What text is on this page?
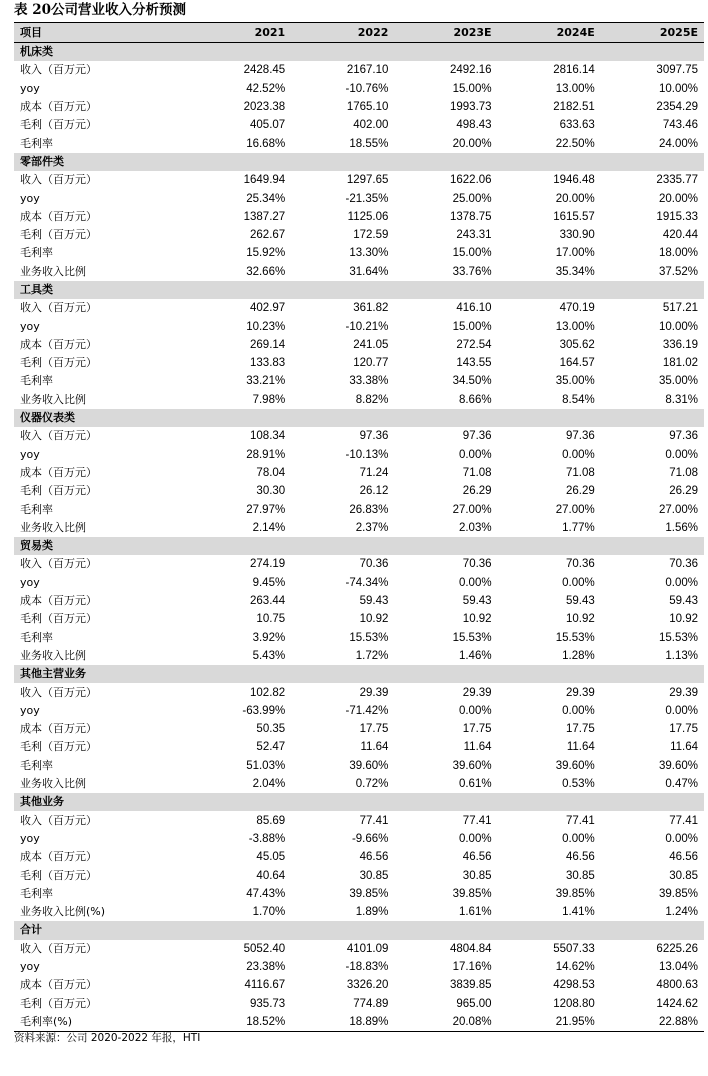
表 20公司营业收入分析预测
项目	2021	2022	2023E	2024E	2025E
机床类					
收入（百万元）	2428.45	2167.10	2492.16	2816.14	3097.75
yoy	42.52%	-10.76%	15.00%	13.00%	10.00%
成本（百万元）	2023.38	1765.10	1993.73	2182.51	2354.29
毛利（百万元）	405.07	402.00	498.43	633.63	743.46
毛利率	16.68%	18.55%	20.00%	22.50%	24.00%
零部件类					
收入（百万元）	1649.94	1297.65	1622.06	1946.48	2335.77
yoy	25.34%	-21.35%	25.00%	20.00%	20.00%
成本（百万元）	1387.27	1125.06	1378.75	1615.57	1915.33
毛利（百万元）	262.67	172.59	243.31	330.90	420.44
毛利率	15.92%	13.30%	15.00%	17.00%	18.00%
业务收入比例	32.66%	31.64%	33.76%	35.34%	37.52%
工具类					
收入（百万元）	402.97	361.82	416.10	470.19	517.21
yoy	10.23%	-10.21%	15.00%	13.00%	10.00%
成本（百万元）	269.14	241.05	272.54	305.62	336.19
毛利（百万元）	133.83	120.77	143.55	164.57	181.02
毛利率	33.21%	33.38%	34.50%	35.00%	35.00%
业务收入比例	7.98%	8.82%	8.66%	8.54%	8.31%
仪器仪表类					
收入（百万元）	108.34	97.36	97.36	97.36	97.36
yoy	28.91%	-10.13%	0.00%	0.00%	0.00%
成本（百万元）	78.04	71.24	71.08	71.08	71.08
毛利（百万元）	30.30	26.12	26.29	26.29	26.29
毛利率	27.97%	26.83%	27.00%	27.00%	27.00%
业务收入比例	2.14%	2.37%	2.03%	1.77%	1.56%
贸易类					
收入（百万元）	274.19	70.36	70.36	70.36	70.36
yoy	9.45%	-74.34%	0.00%	0.00%	0.00%
成本（百万元）	263.44	59.43	59.43	59.43	59.43
毛利（百万元）	10.75	10.92	10.92	10.92	10.92
毛利率	3.92%	15.53%	15.53%	15.53%	15.53%
业务收入比例	5.43%	1.72%	1.46%	1.28%	1.13%
其他主营业务					
收入（百万元）	102.82	29.39	29.39	29.39	29.39
yoy	-63.99%	-71.42%	0.00%	0.00%	0.00%
成本（百万元）	50.35	17.75	17.75	17.75	17.75
毛利（百万元）	52.47	11.64	11.64	11.64	11.64
毛利率	51.03%	39.60%	39.60%	39.60%	39.60%
业务收入比例	2.04%	0.72%	0.61%	0.53%	0.47%
其他业务					
收入（百万元）	85.69	77.41	77.41	77.41	77.41
yoy	-3.88%	-9.66%	0.00%	0.00%	0.00%
成本（百万元）	45.05	46.56	46.56	46.56	46.56
毛利（百万元）	40.64	30.85	30.85	30.85	30.85
毛利率	47.43%	39.85%	39.85%	39.85%	39.85%
业务收入比例(%)	1.70%	1.89%	1.61%	1.41%	1.24%
合计					
收入（百万元）	5052.40	4101.09	4804.84	5507.33	6225.26
yoy	23.38%	-18.83%	17.16%	14.62%	13.04%
成本（百万元）	4116.67	3326.20	3839.85	4298.53	4800.63
毛利（百万元）	935.73	774.89	965.00	1208.80	1424.62
毛利率(%)	18.52%	18.89%	20.08%	21.95%	22.88%
资料来源：公司 2020-2022 年报，HTI
